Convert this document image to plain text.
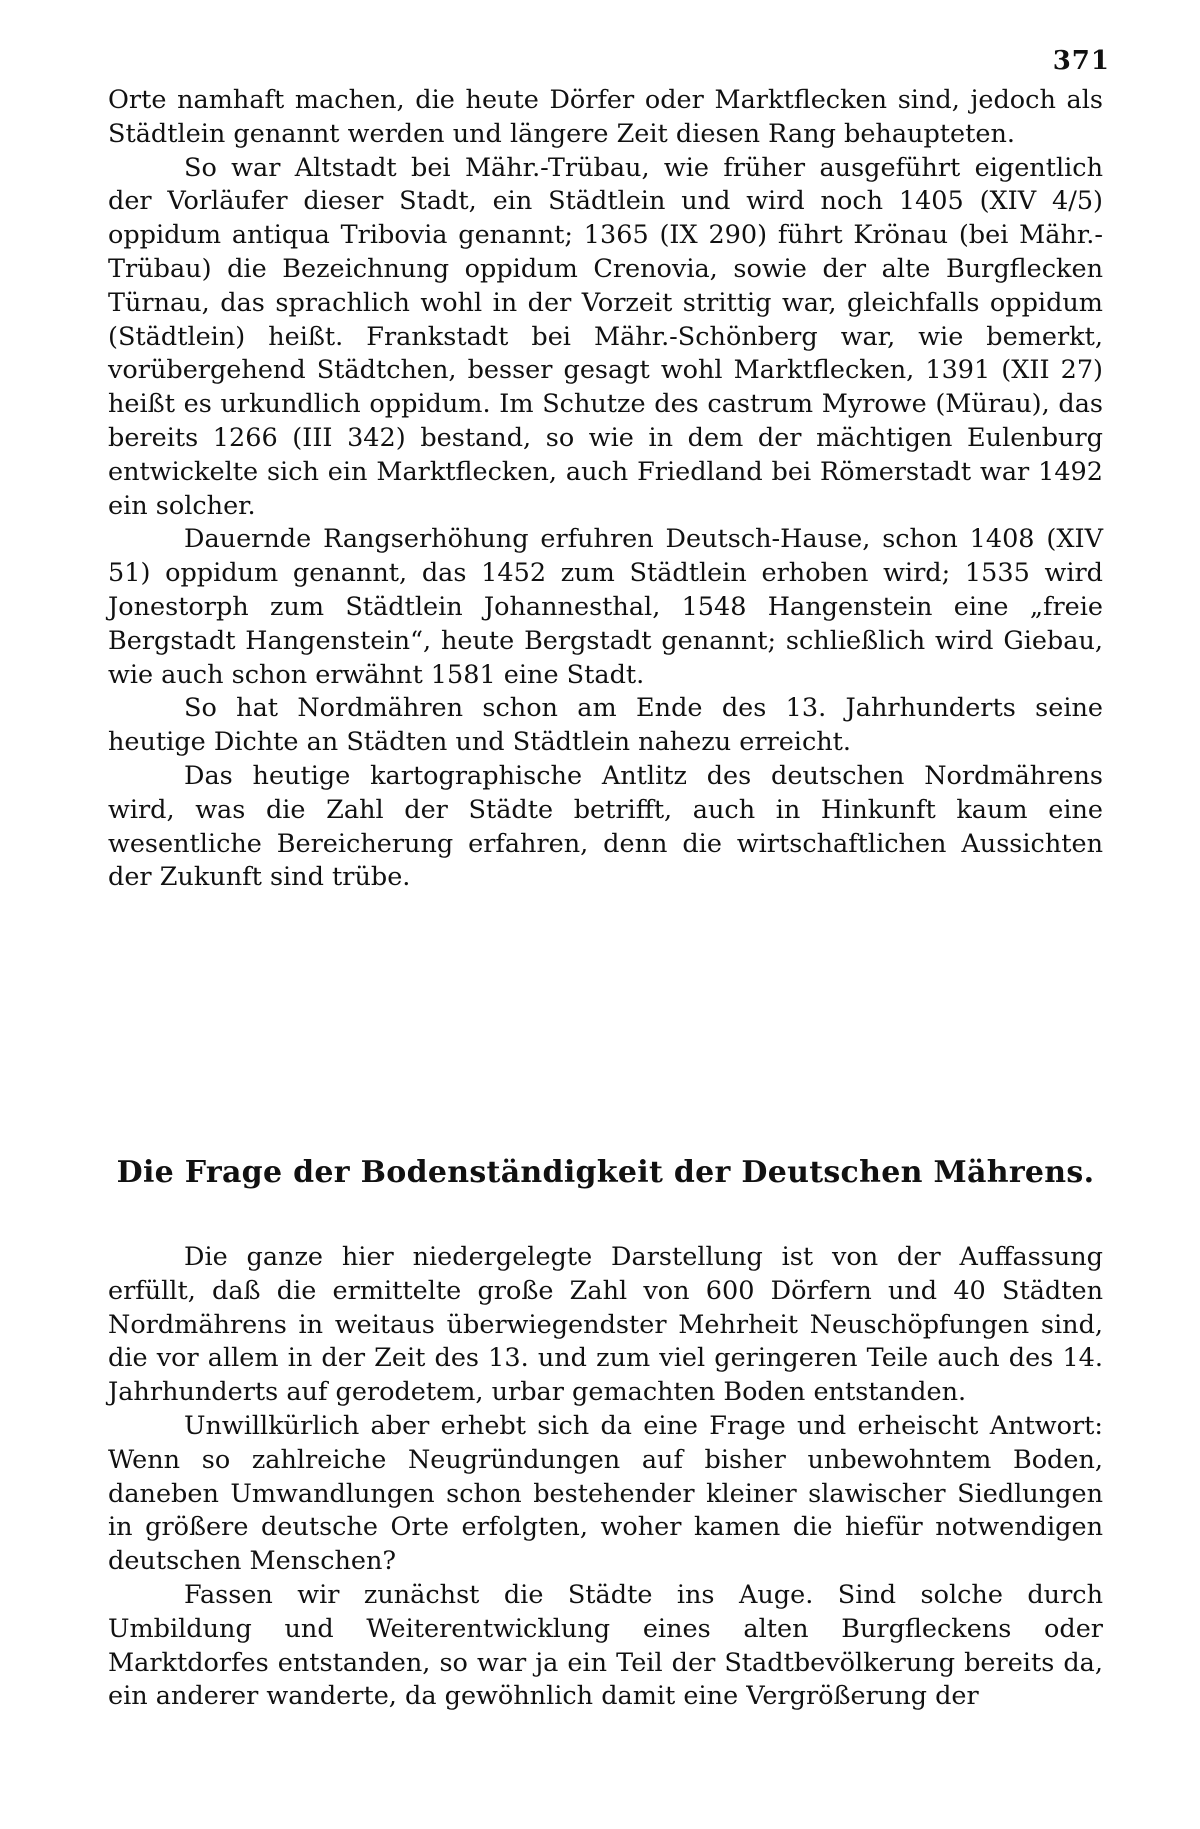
371

Orte namhaft machen, die heute Dörfer oder Marktflecken sind, jedoch als Städtlein genannt werden und längere Zeit diesen Rang behaupteten.

So war Altstadt bei Mähr.-Trübau, wie früher ausgeführt eigentlich der Vorläufer dieser Stadt, ein Städtlein und wird noch 1405 (XIV 4/5) oppidum antiqua Tribovia genannt; 1365 (IX 290) führt Krönau (bei Mähr.-Trübau) die Bezeichnung oppidum Crenovia, sowie der alte Burgflecken Türnau, das sprachlich wohl in der Vorzeit strittig war, gleichfalls oppidum (Städtlein) heißt. Frankstadt bei Mähr.-Schönberg war, wie bemerkt, vorübergehend Städtchen, besser gesagt wohl Marktflecken, 1391 (XII 27) heißt es urkundlich oppidum. Im Schutze des castrum Myrowe (Mürau), das bereits 1266 (III 342) bestand, so wie in dem der mächtigen Eulenburg entwickelte sich ein Marktflecken, auch Friedland bei Römerstadt war 1492 ein solcher.

Dauernde Rangserhöhung erfuhren Deutsch-Hause, schon 1408 (XIV 51) oppidum genannt, das 1452 zum Städtlein erhoben wird; 1535 wird Jonestorph zum Städtlein Johannesthal, 1548 Hangenstein eine „freie Bergstadt Hangenstein“, heute Bergstadt genannt; schließlich wird Giebau, wie auch schon erwähnt 1581 eine Stadt.

So hat Nordmähren schon am Ende des 13. Jahrhunderts seine heutige Dichte an Städten und Städtlein nahezu erreicht.

Das heutige kartographische Antlitz des deutschen Nordmährens wird, was die Zahl der Städte betrifft, auch in Hinkunft kaum eine wesentliche Bereicherung erfahren, denn die wirtschaftlichen Aussichten der Zukunft sind trübe.

Die Frage der Bodenständigkeit der Deutschen Mährens.

Die ganze hier niedergelegte Darstellung ist von der Auffassung erfüllt, daß die ermittelte große Zahl von 600 Dörfern und 40 Städten Nordmährens in weitaus überwiegendster Mehrheit Neuschöpfungen sind, die vor allem in der Zeit des 13. und zum viel geringeren Teile auch des 14. Jahrhunderts auf gerodetem, urbar gemachten Boden entstanden.

Unwillkürlich aber erhebt sich da eine Frage und erheischt Antwort: Wenn so zahlreiche Neugründungen auf bisher unbewohntem Boden, daneben Umwandlungen schon bestehender kleiner slawischer Siedlungen in größere deutsche Orte erfolgten, woher kamen die hiefür notwendigen deutschen Menschen?

Fassen wir zunächst die Städte ins Auge. Sind solche durch Umbildung und Weiterentwicklung eines alten Burgfleckens oder Marktdorfes entstanden, so war ja ein Teil der Stadtbevölkerung bereits da, ein anderer wanderte, da gewöhnlich damit eine Vergrößerung der
